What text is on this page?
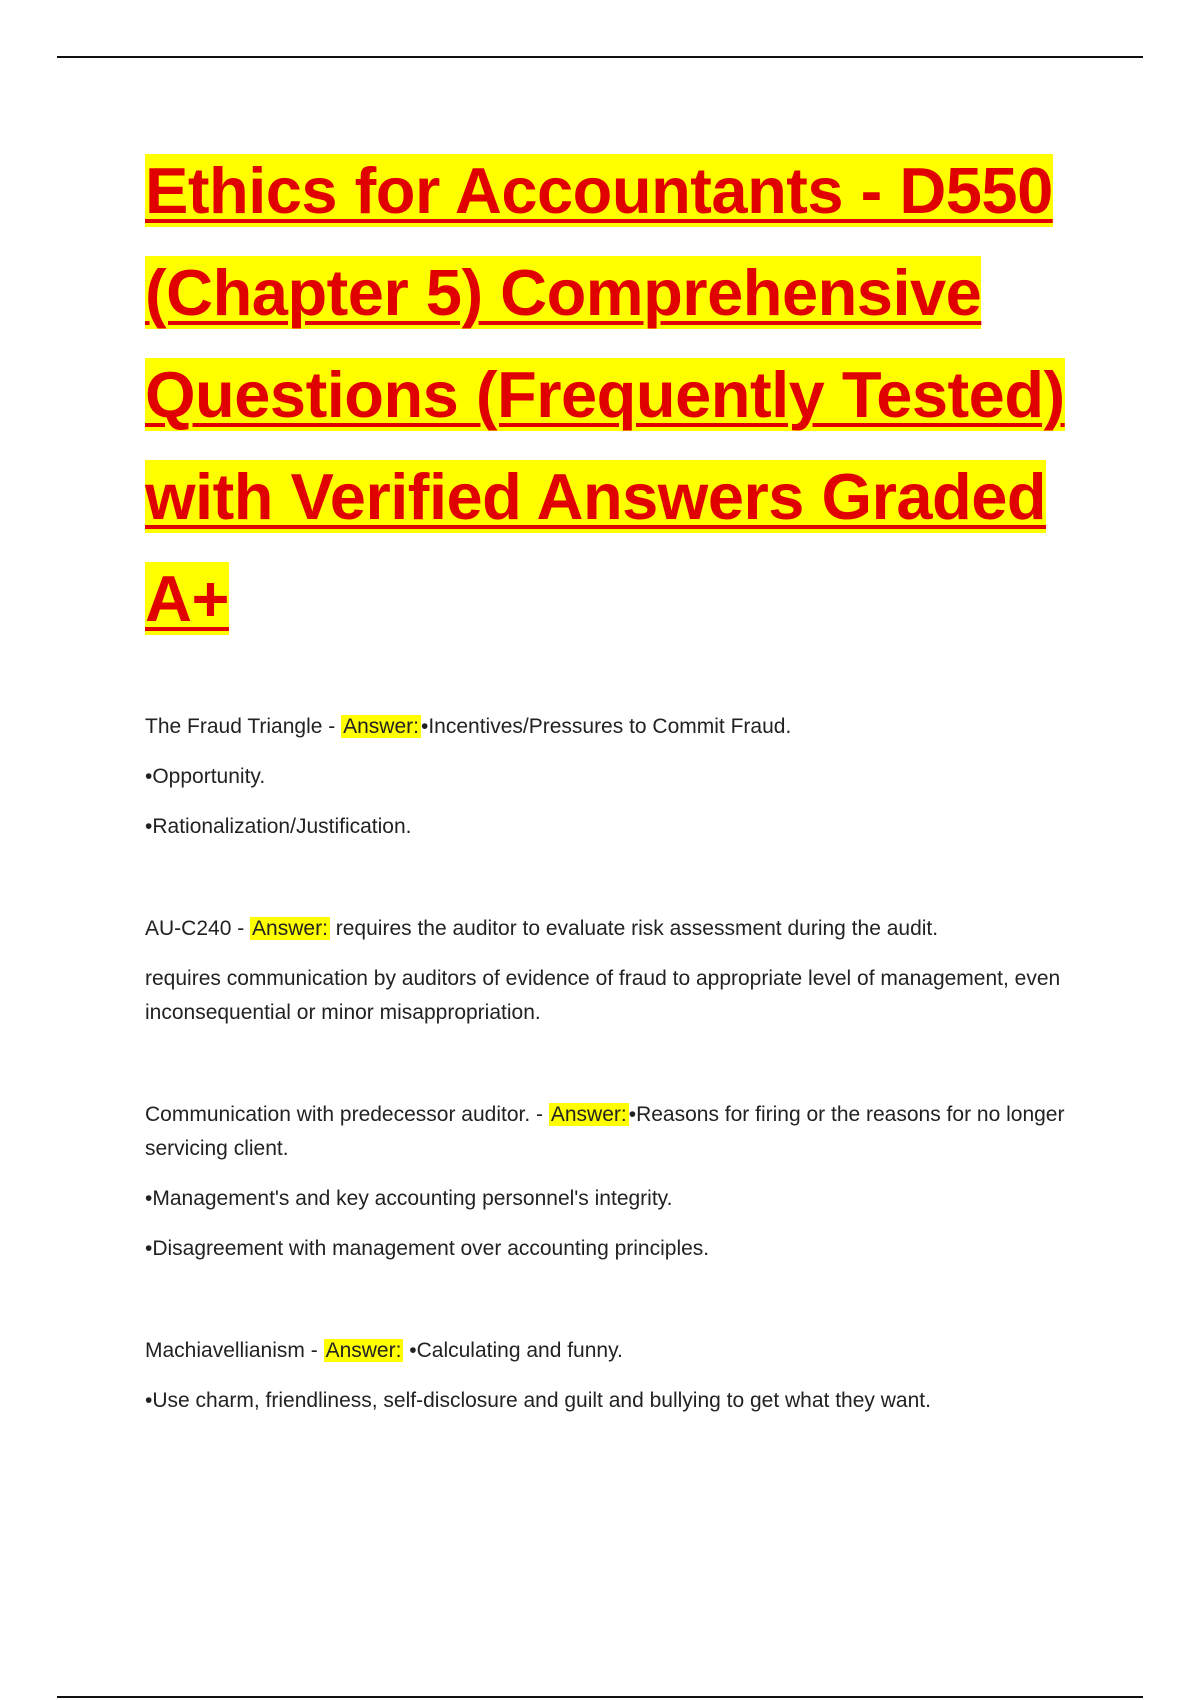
Ethics for Accountants - D550 (Chapter 5) Comprehensive Questions (Frequently Tested) with Verified Answers Graded A+

The Fraud Triangle - Answer:•Incentives/Pressures to Commit Fraud.

•Opportunity.

•Rationalization/Justification.

AU-C240 - Answer: requires the auditor to evaluate risk assessment during the audit.

requires communication by auditors of evidence of fraud to appropriate level of management, even inconsequential or minor misappropriation.

Communication with predecessor auditor. - Answer:•Reasons for firing or the reasons for no longer servicing client.

•Management's and key accounting personnel's integrity.

•Disagreement with management over accounting principles.

Machiavellianism - Answer: •Calculating and funny.

•Use charm, friendliness, self-disclosure and guilt and bullying to get what they want.
